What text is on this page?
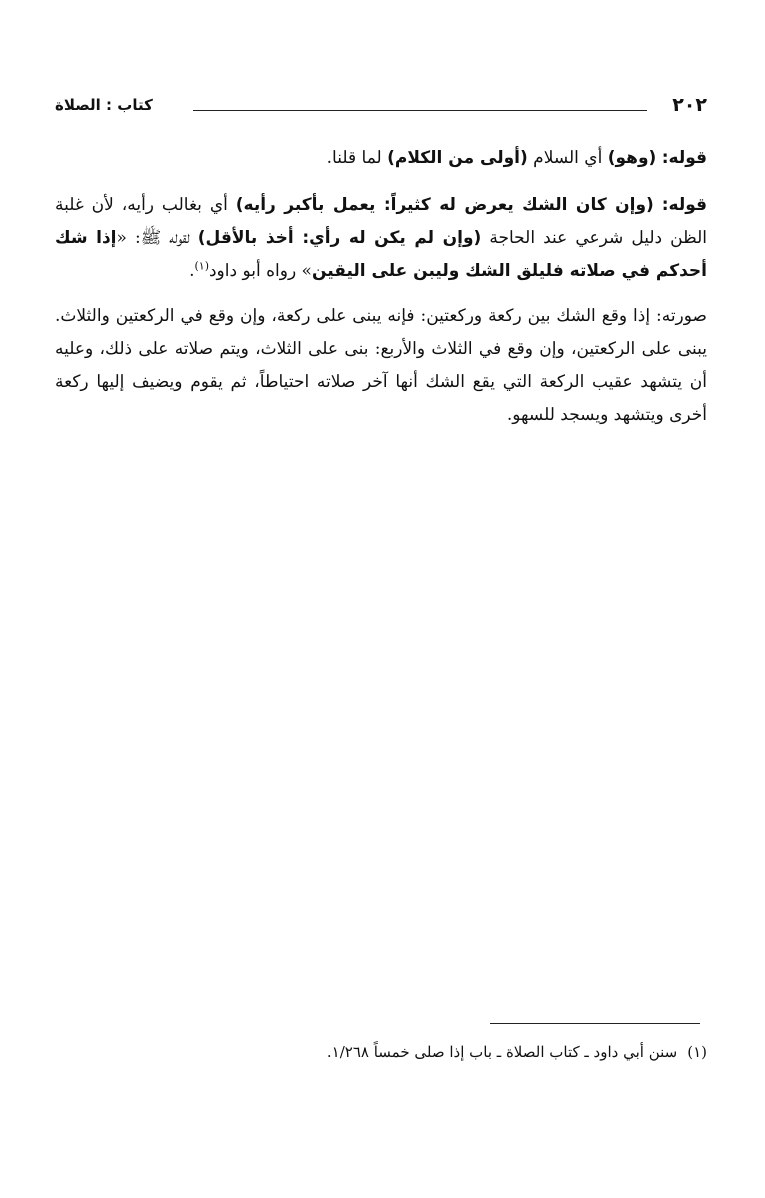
٢٠٢
كتاب : الصلاة

قوله: (وهو) أي السلام (أولى من الكلام) لما قلنا.

قوله: (وإن كان الشك يعرض له كثيراً: يعمل بأكبر رأيه) أي بغالب رأيه، لأن غلبة الظن دليل شرعي عند الحاجة (وإن لم يكن له رأي: أخذ بالأقل) لقوله ﷺ: «إذا شك أحدكم في صلاته فليلق الشك وليبن على اليقين» رواه أبو داود$^{(١)}$.

صورته: إذا وقع الشك بين ركعة وركعتين: فإنه يبنى على ركعة، وإن وقع في الركعتين والثلاث. يبنى على الركعتين، وإن وقع في الثلاث والأربع: بنى على الثلاث، ويتم صلاته على ذلك، وعليه أن يتشهد عقيب الركعة التي يقع الشك أنها آخر صلاته احتياطاً، ثم يقوم ويضيف إليها ركعة أخرى ويتشهد ويسجد للسهو.

(١)سنن أبي داود ـ كتاب الصلاة ـ باب إذا صلى خمساً ١/٢٦٨.
